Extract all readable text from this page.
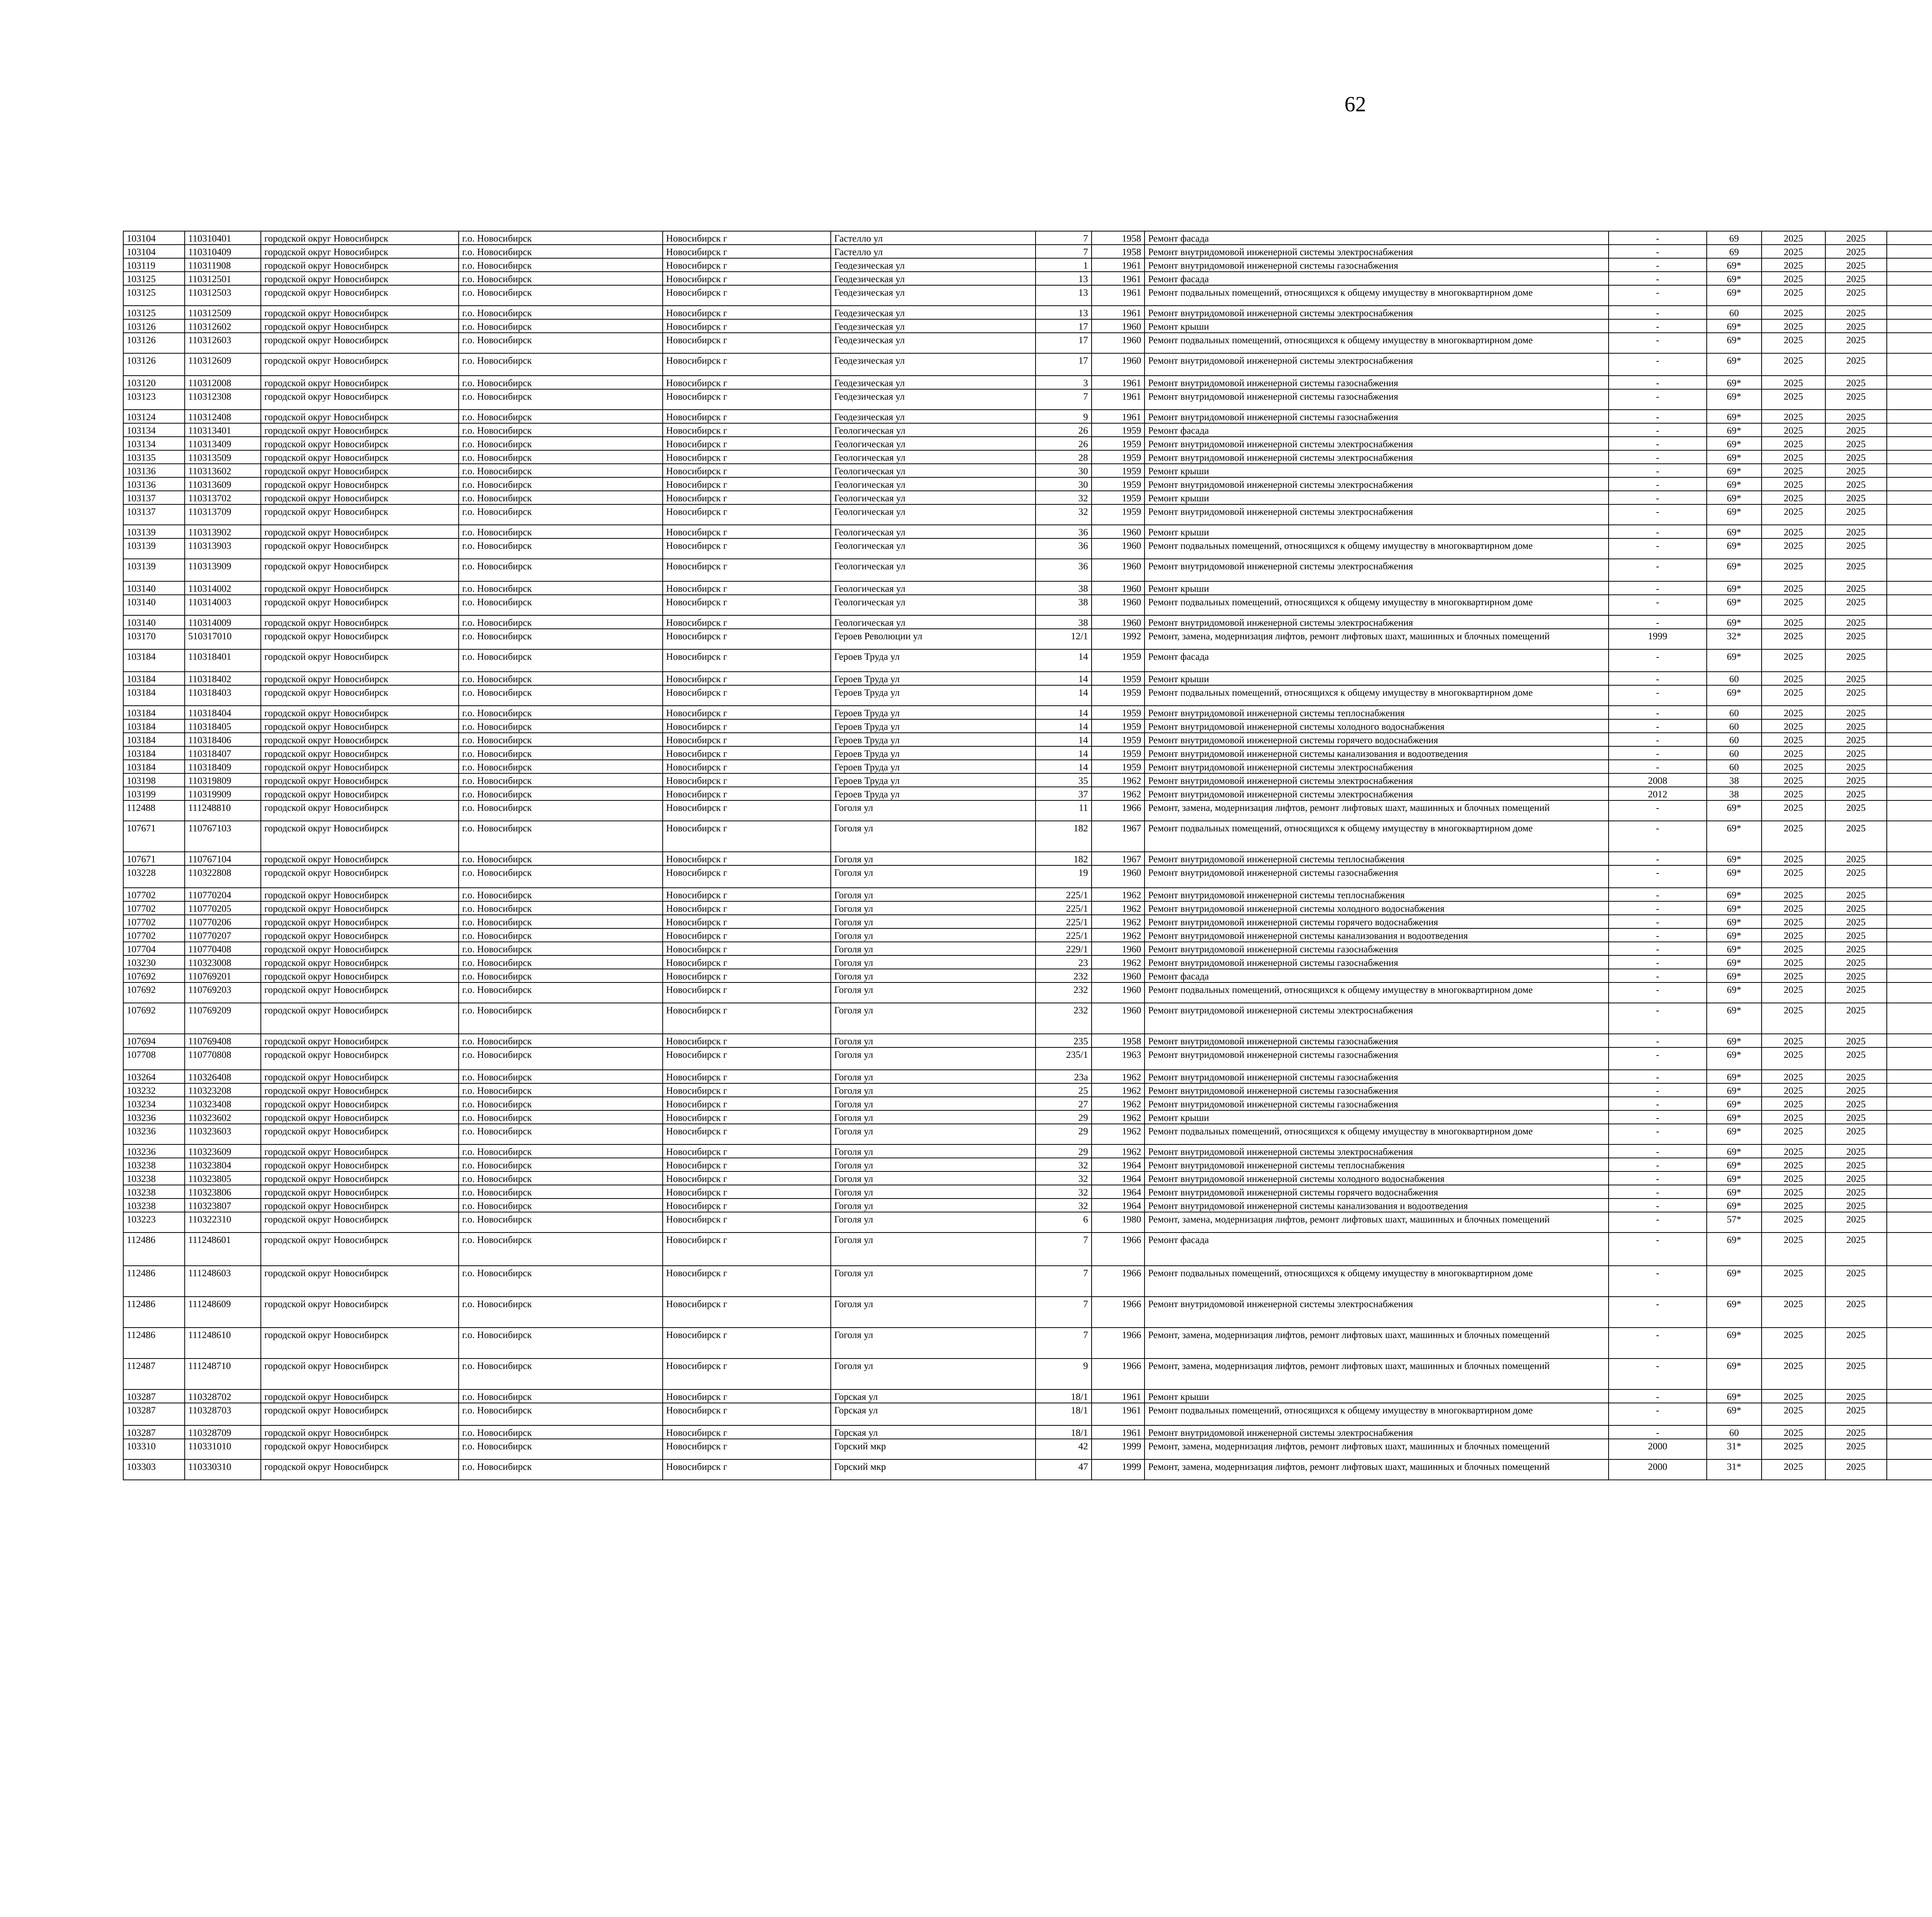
62
103104	110310401	городской округ Новосибирск	г.о. Новосибирск	Новосибирск г	Гастелло ул	7	1958	Ремонт фасада	-	69	2025	2025							
103104	110310409	городской округ Новосибирск	г.о. Новосибирск	Новосибирск г	Гастелло ул	7	1958	Ремонт внутридомовой инженерной системы электроснабжения	-	69	2025	2025							
103119	110311908	городской округ Новосибирск	г.о. Новосибирск	Новосибирск г	Геодезическая ул	1	1961	Ремонт внутридомовой инженерной системы газоснабжения	-	69*	2025	2025							
103125	110312501	городской округ Новосибирск	г.о. Новосибирск	Новосибирск г	Геодезическая ул	13	1961	Ремонт фасада	-	69*	2025	2025							
103125	110312503	городской округ Новосибирск	г.о. Новосибирск	Новосибирск г	Геодезическая ул	13	1961	Ремонт подвальных помещений, относящихся к общему имуществу в многоквартирном доме	-	69*	2025	2025							
103125	110312509	городской округ Новосибирск	г.о. Новосибирск	Новосибирск г	Геодезическая ул	13	1961	Ремонт внутридомовой инженерной системы электроснабжения	-	60	2025	2025							
103126	110312602	городской округ Новосибирск	г.о. Новосибирск	Новосибирск г	Геодезическая ул	17	1960	Ремонт крыши	-	69*	2025	2025							
103126	110312603	городской округ Новосибирск	г.о. Новосибирск	Новосибирск г	Геодезическая ул	17	1960	Ремонт подвальных помещений, относящихся к общему имуществу в многоквартирном доме	-	69*	2025	2025							
103126	110312609	городской округ Новосибирск	г.о. Новосибирск	Новосибирск г	Геодезическая ул	17	1960	Ремонт внутридомовой инженерной системы электроснабжения	-	69*	2025	2025							
103120	110312008	городской округ Новосибирск	г.о. Новосибирск	Новосибирск г	Геодезическая ул	3	1961	Ремонт внутридомовой инженерной системы газоснабжения	-	69*	2025	2025							
103123	110312308	городской округ Новосибирск	г.о. Новосибирск	Новосибирск г	Геодезическая ул	7	1961	Ремонт внутридомовой инженерной системы газоснабжения	-	69*	2025	2025							
103124	110312408	городской округ Новосибирск	г.о. Новосибирск	Новосибирск г	Геодезическая ул	9	1961	Ремонт внутридомовой инженерной системы газоснабжения	-	69*	2025	2025							
103134	110313401	городской округ Новосибирск	г.о. Новосибирск	Новосибирск г	Геологическая ул	26	1959	Ремонт фасада	-	69*	2025	2025							
103134	110313409	городской округ Новосибирск	г.о. Новосибирск	Новосибирск г	Геологическая ул	26	1959	Ремонт внутридомовой инженерной системы электроснабжения	-	69*	2025	2025							
103135	110313509	городской округ Новосибирск	г.о. Новосибирск	Новосибирск г	Геологическая ул	28	1959	Ремонт внутридомовой инженерной системы электроснабжения	-	69*	2025	2025							
103136	110313602	городской округ Новосибирск	г.о. Новосибирск	Новосибирск г	Геологическая ул	30	1959	Ремонт крыши	-	69*	2025	2025							
103136	110313609	городской округ Новосибирск	г.о. Новосибирск	Новосибирск г	Геологическая ул	30	1959	Ремонт внутридомовой инженерной системы электроснабжения	-	69*	2025	2025							
103137	110313702	городской округ Новосибирск	г.о. Новосибирск	Новосибирск г	Геологическая ул	32	1959	Ремонт крыши	-	69*	2025	2025							
103137	110313709	городской округ Новосибирск	г.о. Новосибирск	Новосибирск г	Геологическая ул	32	1959	Ремонт внутридомовой инженерной системы электроснабжения	-	69*	2025	2025							
103139	110313902	городской округ Новосибирск	г.о. Новосибирск	Новосибирск г	Геологическая ул	36	1960	Ремонт крыши	-	69*	2025	2025							
103139	110313903	городской округ Новосибирск	г.о. Новосибирск	Новосибирск г	Геологическая ул	36	1960	Ремонт подвальных помещений, относящихся к общему имуществу в многоквартирном доме	-	69*	2025	2025							
103139	110313909	городской округ Новосибирск	г.о. Новосибирск	Новосибирск г	Геологическая ул	36	1960	Ремонт внутридомовой инженерной системы электроснабжения	-	69*	2025	2025							
103140	110314002	городской округ Новосибирск	г.о. Новосибирск	Новосибирск г	Геологическая ул	38	1960	Ремонт крыши	-	69*	2025	2025							
103140	110314003	городской округ Новосибирск	г.о. Новосибирск	Новосибирск г	Геологическая ул	38	1960	Ремонт подвальных помещений, относящихся к общему имуществу в многоквартирном доме	-	69*	2025	2025							
103140	110314009	городской округ Новосибирск	г.о. Новосибирск	Новосибирск г	Геологическая ул	38	1960	Ремонт внутридомовой инженерной системы электроснабжения	-	69*	2025	2025							
103170	510317010	городской округ Новосибирск	г.о. Новосибирск	Новосибирск г	Героев Революции ул	12/1	1992	Ремонт, замена, модернизация лифтов, ремонт лифтовых шахт, машинных и блочных помещений	1999	32*	2025	2025							
103184	110318401	городской округ Новосибирск	г.о. Новосибирск	Новосибирск г	Героев Труда ул	14	1959	Ремонт фасада	-	69*	2025	2025							
103184	110318402	городской округ Новосибирск	г.о. Новосибирск	Новосибирск г	Героев Труда ул	14	1959	Ремонт крыши	-	60	2025	2025							
103184	110318403	городской округ Новосибирск	г.о. Новосибирск	Новосибирск г	Героев Труда ул	14	1959	Ремонт подвальных помещений, относящихся к общему имуществу в многоквартирном доме	-	69*	2025	2025							
103184	110318404	городской округ Новосибирск	г.о. Новосибирск	Новосибирск г	Героев Труда ул	14	1959	Ремонт внутридомовой инженерной системы теплоснабжения	-	60	2025	2025							
103184	110318405	городской округ Новосибирск	г.о. Новосибирск	Новосибирск г	Героев Труда ул	14	1959	Ремонт внутридомовой инженерной системы холодного водоснабжения	-	60	2025	2025							
103184	110318406	городской округ Новосибирск	г.о. Новосибирск	Новосибирск г	Героев Труда ул	14	1959	Ремонт внутридомовой инженерной системы горячего водоснабжения	-	60	2025	2025							
103184	110318407	городской округ Новосибирск	г.о. Новосибирск	Новосибирск г	Героев Труда ул	14	1959	Ремонт внутридомовой инженерной системы канализования и водоотведения	-	60	2025	2025							
103184	110318409	городской округ Новосибирск	г.о. Новосибирск	Новосибирск г	Героев Труда ул	14	1959	Ремонт внутридомовой инженерной системы электроснабжения	-	60	2025	2025							
103198	110319809	городской округ Новосибирск	г.о. Новосибирск	Новосибирск г	Героев Труда ул	35	1962	Ремонт внутридомовой инженерной системы электроснабжения	2008	38	2025	2025							
103199	110319909	городской округ Новосибирск	г.о. Новосибирск	Новосибирск г	Героев Труда ул	37	1962	Ремонт внутридомовой инженерной системы электроснабжения	2012	38	2025	2025							
112488	111248810	городской округ Новосибирск	г.о. Новосибирск	Новосибирск г	Гоголя ул	11	1966	Ремонт, замена, модернизация лифтов, ремонт лифтовых шахт, машинных и блочных помещений	-	69*	2025	2025							
107671	110767103	городской округ Новосибирск	г.о. Новосибирск	Новосибирск г	Гоголя ул	182	1967	Ремонт подвальных помещений, относящихся к общему имуществу в многоквартирном доме	-	69*	2025	2025							
107671	110767104	городской округ Новосибирск	г.о. Новосибирск	Новосибирск г	Гоголя ул	182	1967	Ремонт внутридомовой инженерной системы теплоснабжения	-	69*	2025	2025							
103228	110322808	городской округ Новосибирск	г.о. Новосибирск	Новосибирск г	Гоголя ул	19	1960	Ремонт внутридомовой инженерной системы газоснабжения	-	69*	2025	2025							
107702	110770204	городской округ Новосибирск	г.о. Новосибирск	Новосибирск г	Гоголя ул	225/1	1962	Ремонт внутридомовой инженерной системы теплоснабжения	-	69*	2025	2025							
107702	110770205	городской округ Новосибирск	г.о. Новосибирск	Новосибирск г	Гоголя ул	225/1	1962	Ремонт внутридомовой инженерной системы холодного водоснабжения	-	69*	2025	2025							
107702	110770206	городской округ Новосибирск	г.о. Новосибирск	Новосибирск г	Гоголя ул	225/1	1962	Ремонт внутридомовой инженерной системы горячего водоснабжения	-	69*	2025	2025							
107702	110770207	городской округ Новосибирск	г.о. Новосибирск	Новосибирск г	Гоголя ул	225/1	1962	Ремонт внутридомовой инженерной системы канализования и водоотведения	-	69*	2025	2025							
107704	110770408	городской округ Новосибирск	г.о. Новосибирск	Новосибирск г	Гоголя ул	229/1	1960	Ремонт внутридомовой инженерной системы газоснабжения	-	69*	2025	2025							
103230	110323008	городской округ Новосибирск	г.о. Новосибирск	Новосибирск г	Гоголя ул	23	1962	Ремонт внутридомовой инженерной системы газоснабжения	-	69*	2025	2025							
107692	110769201	городской округ Новосибирск	г.о. Новосибирск	Новосибирск г	Гоголя ул	232	1960	Ремонт фасада	-	69*	2025	2025							
107692	110769203	городской округ Новосибирск	г.о. Новосибирск	Новосибирск г	Гоголя ул	232	1960	Ремонт подвальных помещений, относящихся к общему имуществу в многоквартирном доме	-	69*	2025	2025							
107692	110769209	городской округ Новосибирск	г.о. Новосибирск	Новосибирск г	Гоголя ул	232	1960	Ремонт внутридомовой инженерной системы электроснабжения	-	69*	2025	2025							
107694	110769408	городской округ Новосибирск	г.о. Новосибирск	Новосибирск г	Гоголя ул	235	1958	Ремонт внутридомовой инженерной системы газоснабжения	-	69*	2025	2025							
107708	110770808	городской округ Новосибирск	г.о. Новосибирск	Новосибирск г	Гоголя ул	235/1	1963	Ремонт внутридомовой инженерной системы газоснабжения	-	69*	2025	2025							
103264	110326408	городской округ Новосибирск	г.о. Новосибирск	Новосибирск г	Гоголя ул	23а	1962	Ремонт внутридомовой инженерной системы газоснабжения	-	69*	2025	2025							
103232	110323208	городской округ Новосибирск	г.о. Новосибирск	Новосибирск г	Гоголя ул	25	1962	Ремонт внутридомовой инженерной системы газоснабжения	-	69*	2025	2025							
103234	110323408	городской округ Новосибирск	г.о. Новосибирск	Новосибирск г	Гоголя ул	27	1962	Ремонт внутридомовой инженерной системы газоснабжения	-	69*	2025	2025							
103236	110323602	городской округ Новосибирск	г.о. Новосибирск	Новосибирск г	Гоголя ул	29	1962	Ремонт крыши	-	69*	2025	2025							
103236	110323603	городской округ Новосибирск	г.о. Новосибирск	Новосибирск г	Гоголя ул	29	1962	Ремонт подвальных помещений, относящихся к общему имуществу в многоквартирном доме	-	69*	2025	2025							
103236	110323609	городской округ Новосибирск	г.о. Новосибирск	Новосибирск г	Гоголя ул	29	1962	Ремонт внутридомовой инженерной системы электроснабжения	-	69*	2025	2025							
103238	110323804	городской округ Новосибирск	г.о. Новосибирск	Новосибирск г	Гоголя ул	32	1964	Ремонт внутридомовой инженерной системы теплоснабжения	-	69*	2025	2025							
103238	110323805	городской округ Новосибирск	г.о. Новосибирск	Новосибирск г	Гоголя ул	32	1964	Ремонт внутридомовой инженерной системы холодного водоснабжения	-	69*	2025	2025							
103238	110323806	городской округ Новосибирск	г.о. Новосибирск	Новосибирск г	Гоголя ул	32	1964	Ремонт внутридомовой инженерной системы горячего водоснабжения	-	69*	2025	2025							
103238	110323807	городской округ Новосибирск	г.о. Новосибирск	Новосибирск г	Гоголя ул	32	1964	Ремонт внутридомовой инженерной системы канализования и водоотведения	-	69*	2025	2025							
103223	110322310	городской округ Новосибирск	г.о. Новосибирск	Новосибирск г	Гоголя ул	6	1980	Ремонт, замена, модернизация лифтов, ремонт лифтовых шахт, машинных и блочных помещений	-	57*	2025	2025							
112486	111248601	городской округ Новосибирск	г.о. Новосибирск	Новосибирск г	Гоголя ул	7	1966	Ремонт фасада	-	69*	2025	2025							
112486	111248603	городской округ Новосибирск	г.о. Новосибирск	Новосибирск г	Гоголя ул	7	1966	Ремонт подвальных помещений, относящихся к общему имуществу в многоквартирном доме	-	69*	2025	2025							
112486	111248609	городской округ Новосибирск	г.о. Новосибирск	Новосибирск г	Гоголя ул	7	1966	Ремонт внутридомовой инженерной системы электроснабжения	-	69*	2025	2025							
112486	111248610	городской округ Новосибирск	г.о. Новосибирск	Новосибирск г	Гоголя ул	7	1966	Ремонт, замена, модернизация лифтов, ремонт лифтовых шахт, машинных и блочных помещений	-	69*	2025	2025							
112487	111248710	городской округ Новосибирск	г.о. Новосибирск	Новосибирск г	Гоголя ул	9	1966	Ремонт, замена, модернизация лифтов, ремонт лифтовых шахт, машинных и блочных помещений	-	69*	2025	2025							
103287	110328702	городской округ Новосибирск	г.о. Новосибирск	Новосибирск г	Горская ул	18/1	1961	Ремонт крыши	-	69*	2025	2025							
103287	110328703	городской округ Новосибирск	г.о. Новосибирск	Новосибирск г	Горская ул	18/1	1961	Ремонт подвальных помещений, относящихся к общему имуществу в многоквартирном доме	-	69*	2025	2025							
103287	110328709	городской округ Новосибирск	г.о. Новосибирск	Новосибирск г	Горская ул	18/1	1961	Ремонт внутридомовой инженерной системы электроснабжения	-	60	2025	2025							
103310	110331010	городской округ Новосибирск	г.о. Новосибирск	Новосибирск г	Горский мкр	42	1999	Ремонт, замена, модернизация лифтов, ремонт лифтовых шахт, машинных и блочных помещений	2000	31*	2025	2025							
103303	110330310	городской округ Новосибирск	г.о. Новосибирск	Новосибирск г	Горский мкр	47	1999	Ремонт, замена, модернизация лифтов, ремонт лифтовых шахт, машинных и блочных помещений	2000	31*	2025	2025							
